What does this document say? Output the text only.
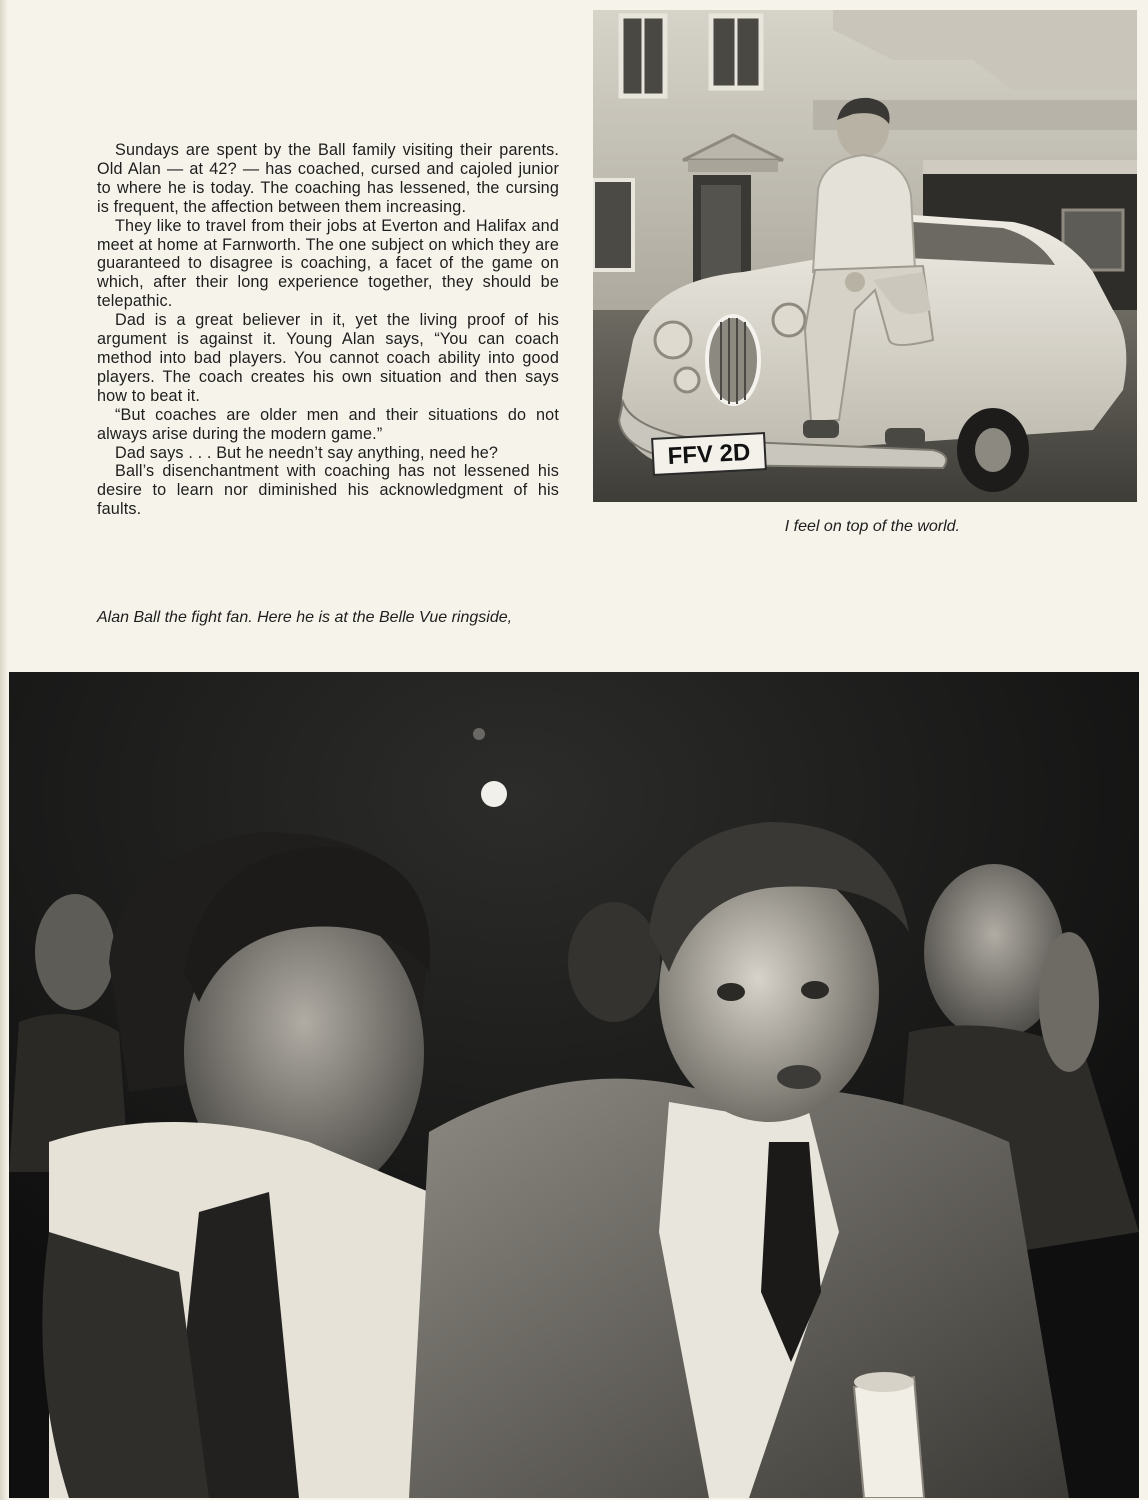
Sundays are spent by the Ball family visiting their parents. Old Alan — at 42? — has coached, cursed and cajoled junior to where he is today. The coaching has lessened, the cursing is frequent, the affection between them increasing.

They like to travel from their jobs at Everton and Halifax and meet at home at Farnworth. The one subject on which they are guaranteed to disagree is coaching, a facet of the game on which, after their long experience together, they should be telepathic.

Dad is a great believer in it, yet the living proof of his argument is against it. Young Alan says, “You can coach method into bad players. You cannot coach ability into good players. The coach creates his own situation and then says how to beat it.

“But coaches are older men and their situations do not always arise during the modern game.”

Dad says . . . But he needn’t say anything, need he?

Ball’s disenchantment with coaching has not lessened his desire to learn nor diminished his acknowledgment of his faults.

FFV 2D
I feel on top of the world.
Alan Ball the fight fan. Here he is at the Belle Vue ringside,
